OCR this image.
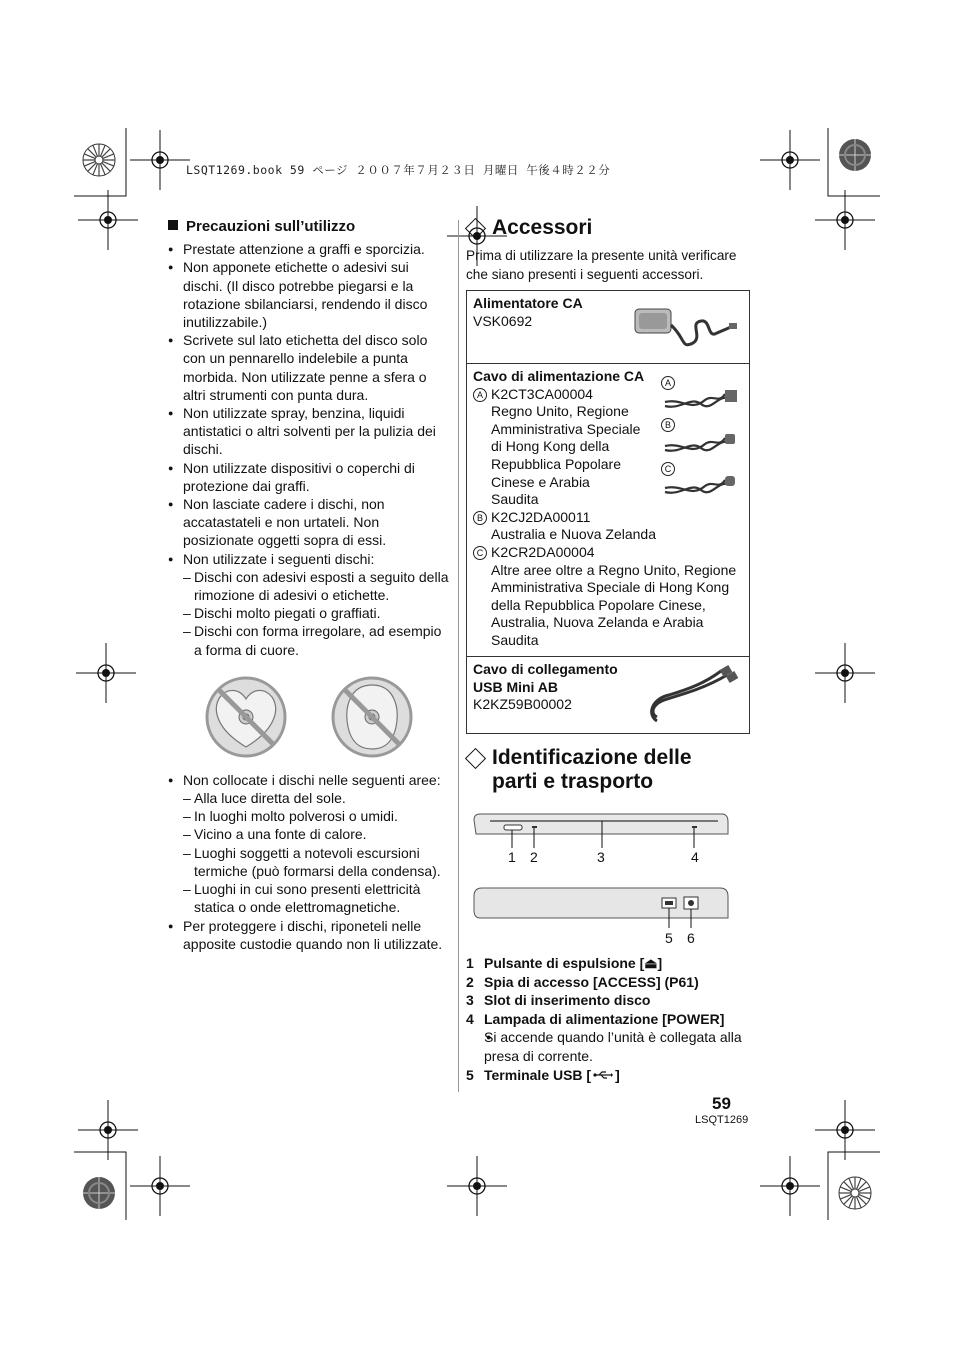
LSQT1269.book 59 ページ ２００７年７月２３日 月曜日 午後４時２２分
Precauzioni sull’utilizzo
● Prestate attenzione a graffi e sporcizia.
● Non apponete etichette o adesivi sui dischi. (Il disco potrebbe piegarsi e la rotazione sbilanciarsi, rendendo il disco inutilizzabile.)
● Scrivete sul lato etichetta del disco solo con un pennarello indelebile a punta morbida. Non utilizzate penne a sfera o altri strumenti con punta dura.
● Non utilizzate spray, benzina, liquidi antistatici o altri solventi per la pulizia dei dischi.
● Non utilizzate dispositivi o coperchi di protezione dai graffi.
● Non lasciate cadere i dischi, non accatastateli e non urtateli. Non posizionate oggetti sopra di essi.
● Non utilizzate i seguenti dischi:
– Dischi con adesivi esposti a seguito della rimozione di adesivi o etichette.
– Dischi molto piegati o graffiati.
– Dischi con forma irregolare, ad esempio a forma di cuore.
● Non collocate i dischi nelle seguenti aree:
– Alla luce diretta del sole.
– In luoghi molto polverosi o umidi.
– Vicino a una fonte di calore.
– Luoghi soggetti a notevoli escursioni termiche (può formarsi della condensa).
– Luoghi in cui sono presenti elettricità statica o onde elettromagnetiche.
● Per proteggere i dischi, riponeteli nelle apposite custodie quando non li utilizzate.
Accessori
Prima di utilizzare la presente unità verificare che siano presenti i seguenti accessori.
Alimentatore CA
VSK0692

Cavo di alimentazione CA
A K2CT3CA00004
Regno Unito, Regione Amministrativa Speciale di Hong Kong della Repubblica Popolare Cinese e Arabia Saudita
B K2CJ2DA00011
Australia e Nuova Zelanda
C K2CR2DA00004
Altre aree oltre a Regno Unito, Regione Amministrativa Speciale di Hong Kong della Repubblica Popolare Cinese, Australia, Nuova Zelanda e Arabia Saudita
A
B
C

Cavo di collegamento
USB Mini AB
K2KZ59B00002
Identificazione delle
parti e trasporto
1 2	3	4
5 6
1 Pulsante di espulsione [⏏]
2 Spia di accesso [ACCESS] (P61)
3 Slot di inserimento disco
4 Lampada di alimentazione [POWER]
● Si accende quando l’unità è collegata alla presa di corrente.
5 Terminale USB [ ]
59
LSQT1269
